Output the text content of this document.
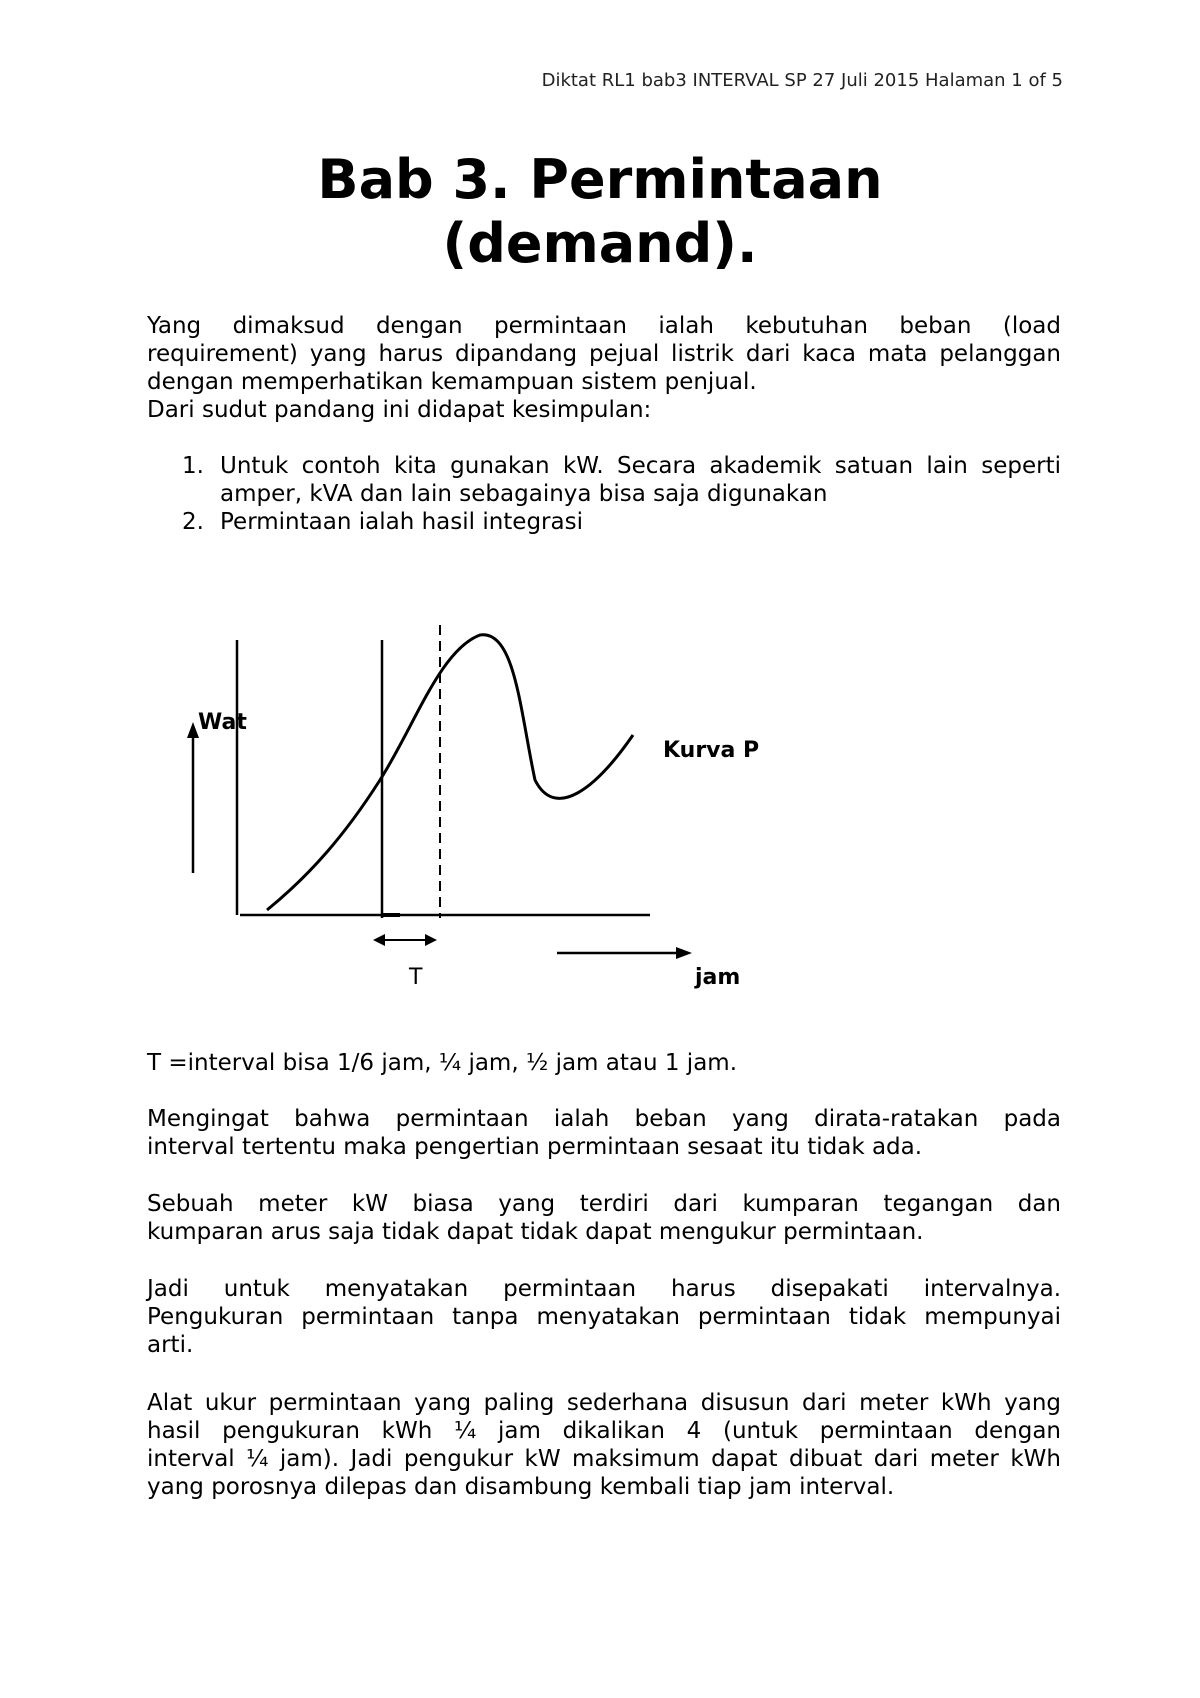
Diktat RL1 bab3 INTERVAL SP 27 Juli 2015 Halaman 1 of 5
Bab 3. Permintaan
(demand).
Yang dimaksud dengan permintaan ialah kebutuhan beban (load
requirement) yang harus dipandang pejual listrik dari kaca mata pelanggan
dengan memperhatikan kemampuan sistem penjual.
Dari sudut pandang ini didapat kesimpulan:
1. Untuk contoh kita gunakan kW. Secara akademik satuan lain seperti
amper, kVA dan lain sebagainya bisa saja digunakan
2. Permintaan ialah hasil integrasi
Wat
Kurva P
T	jam
T =interval bisa 1/6 jam, ¼ jam, ½ jam atau 1 jam.
Mengingat bahwa permintaan ialah beban yang dirata-ratakan pada
interval tertentu maka pengertian permintaan sesaat itu tidak ada.
Sebuah meter kW biasa yang terdiri dari kumparan tegangan dan
kumparan arus saja tidak dapat tidak dapat mengukur permintaan.
Jadi untuk menyatakan permintaan harus disepakati intervalnya.
Pengukuran permintaan tanpa menyatakan permintaan tidak mempunyai
arti.
Alat ukur permintaan yang paling sederhana disusun dari meter kWh yang
hasil pengukuran kWh ¼ jam dikalikan 4 (untuk permintaan dengan
interval ¼ jam). Jadi pengukur kW maksimum dapat dibuat dari meter kWh
yang porosnya dilepas dan disambung kembali tiap jam interval.
